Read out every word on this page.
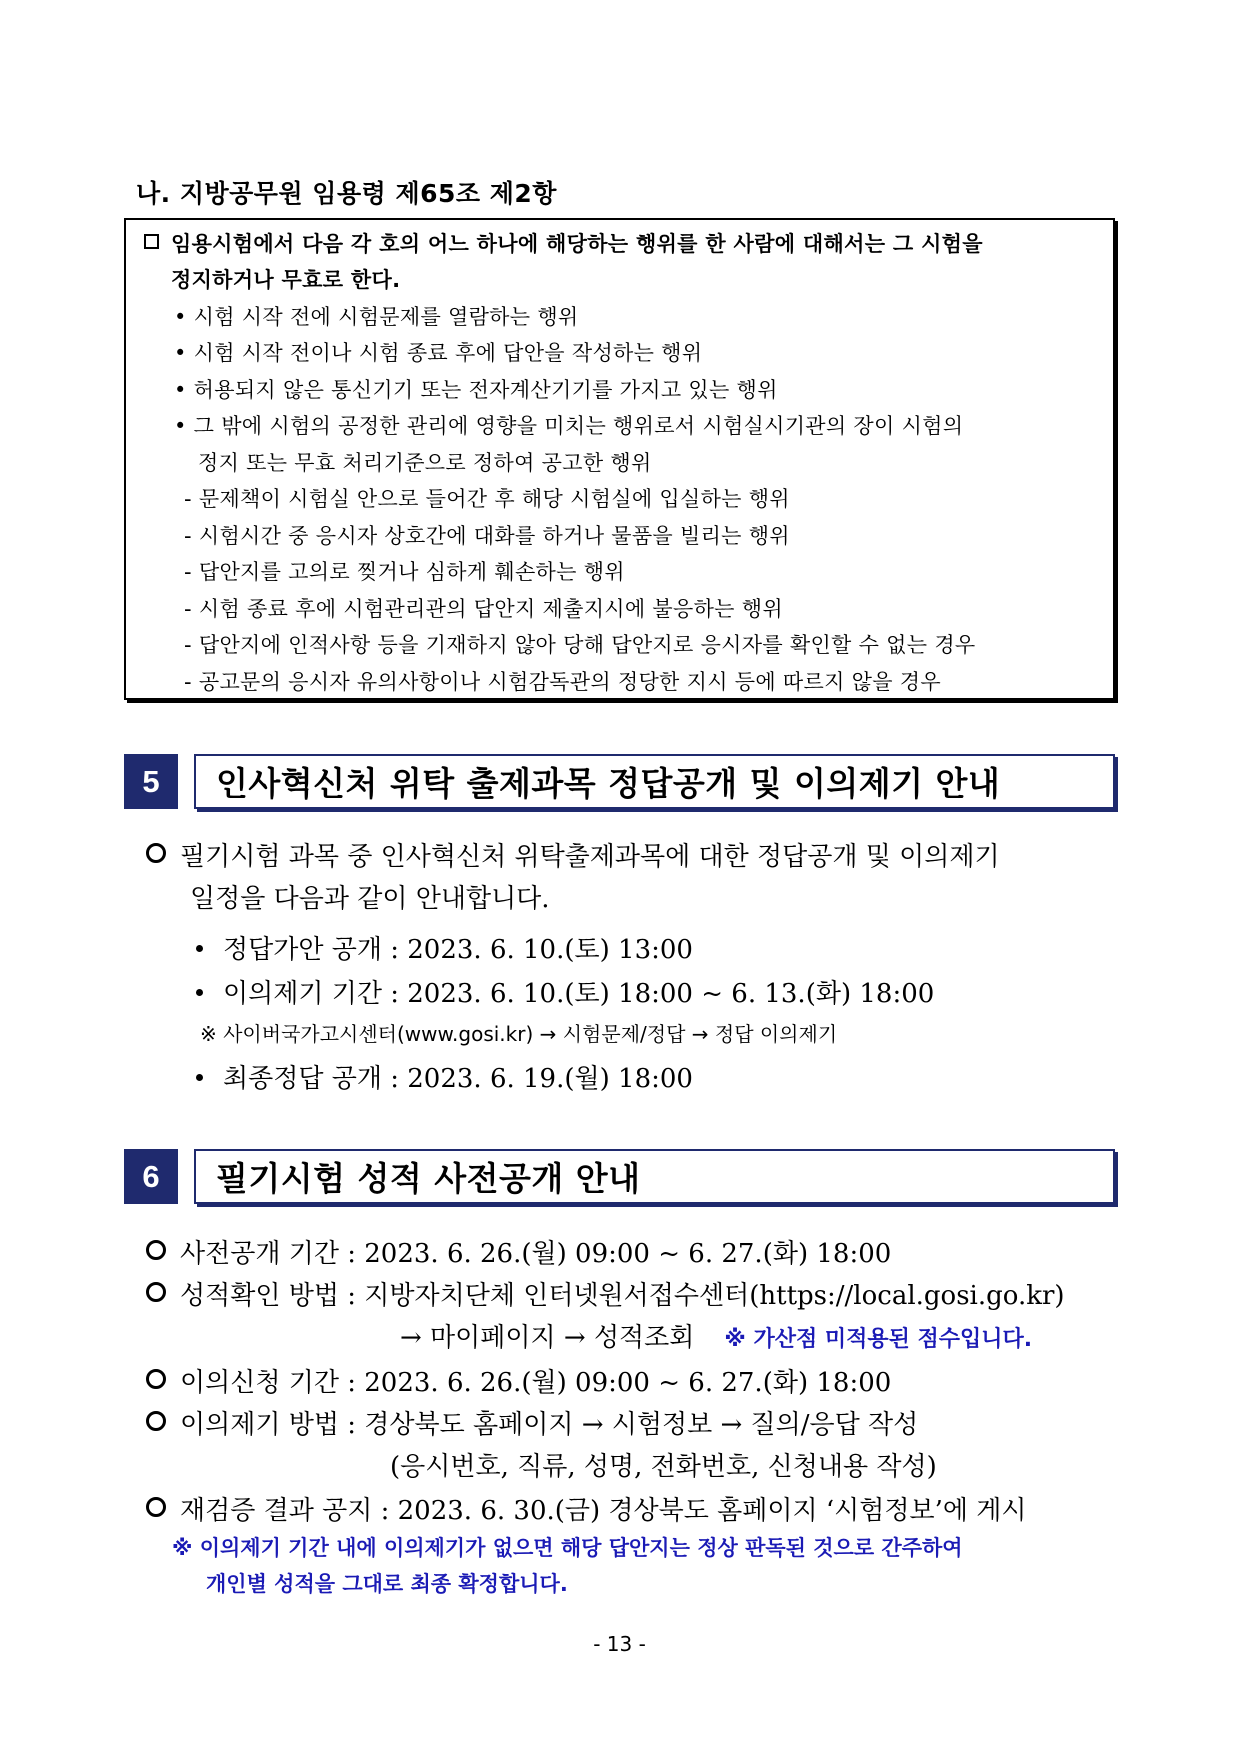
나. 지방공무원 임용령 제65조 제2항
임용시험에서 다음 각 호의 어느 하나에 해당하는 행위를 한 사람에 대해서는 그 시험을
정지하거나 무효로 한다.
• 시험 시작 전에 시험문제를 열람하는 행위
• 시험 시작 전이나 시험 종료 후에 답안을 작성하는 행위
• 허용되지 않은 통신기기 또는 전자계산기기를 가지고 있는 행위
• 그 밖에 시험의 공정한 관리에 영향을 미치는 행위로서 시험실시기관의 장이 시험의
정지 또는 무효 처리기준으로 정하여 공고한 행위
- 문제책이 시험실 안으로 들어간 후 해당 시험실에 입실하는 행위
- 시험시간 중 응시자 상호간에 대화를 하거나 물품을 빌리는 행위
- 답안지를 고의로 찢거나 심하게 훼손하는 행위
- 시험 종료 후에 시험관리관의 답안지 제출지시에 불응하는 행위
- 답안지에 인적사항 등을 기재하지 않아 당해 답안지로 응시자를 확인할 수 없는 경우
- 공고문의 응시자 유의사항이나 시험감독관의 정당한 지시 등에 따르지 않을 경우
5	인사혁신처 위탁 출제과목 정답공개 및 이의제기 안내
필기시험 과목 중 인사혁신처 위탁출제과목에 대한 정답공개 및 이의제기
일정을 다음과 같이 안내합니다.
정답가안 공개 : 2023. 6. 10.(토) 13:00
이의제기 기간 : 2023. 6. 10.(토) 18:00 ~ 6. 13.(화) 18:00
※ 사이버국가고시센터(www.gosi.kr) → 시험문제/정답 → 정답 이의제기
최종정답 공개 : 2023. 6. 19.(월) 18:00
6	필기시험 성적 사전공개 안내
사전공개 기간 : 2023. 6. 26.(월) 09:00 ~ 6. 27.(화) 18:00
성적확인 방법 : 지방자치단체 인터넷원서접수센터(https://local.gosi.go.kr)
→ 마이페이지 → 성적조회 ※ 가산점 미적용된 점수입니다.
이의신청 기간 : 2023. 6. 26.(월) 09:00 ~ 6. 27.(화) 18:00
이의제기 방법 : 경상북도 홈페이지 → 시험정보 → 질의/응답 작성
(응시번호, 직류, 성명, 전화번호, 신청내용 작성)
재검증 결과 공지 : 2023. 6. 30.(금) 경상북도 홈페이지 ‘시험정보’에 게시
※ 이의제기 기간 내에 이의제기가 없으면 해당 답안지는 정상 판독된 것으로 간주하여
개인별 성적을 그대로 최종 확정합니다.
- 13 -
